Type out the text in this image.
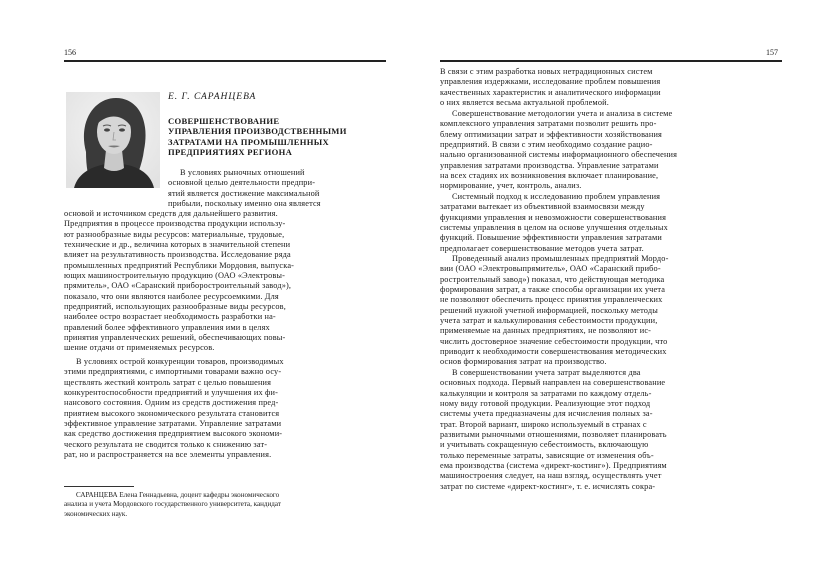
156
Е. Г. САРАНЦЕВА
СОВЕРШЕНСТВОВАНИЕ
УПРАВЛЕНИЯ ПРОИЗВОДСТВЕННЫМИ
ЗАТРАТАМИ НА ПРОМЫШЛЕННЫХ
ПРЕДПРИЯТИЯХ РЕГИОНА
В условиях рыночных отношений
основной целью деятельности предпри-
ятий является достижение максимальной
прибыли, поскольку именно она является
основой и источником средств для дальнейшего развития.
Предприятия в процессе производства продукции использу-
ют разнообразные виды ресурсов: материальные, трудовые,
технические и др., величина которых в значительной степени
влияет на результативность производства. Исследование ряда
промышленных предприятий Республики Мордовия, выпуска-
ющих машиностроительную продукцию (ОАО «Электровы-
прямитель», ОАО «Саранский приборостроительный завод»),
показало, что они являются наиболее ресурсоемкими. Для
предприятий, использующих разнообразные виды ресурсов,
наиболее остро возрастает необходимость разработки на-
правлений более эффективного управления ими в целях
принятия управленческих решений, обеспечивающих повы-
шение отдачи от применяемых ресурсов.
В условиях острой конкуренции товаров, производимых
этими предприятиями, с импортными товарами важно осу-
ществлять жесткий контроль затрат с целью повышения
конкурентоспособности предприятий и улучшения их фи-
нансового состояния. Одним из средств достижения пред-
приятием высокого экономического результата становится
эффективное управление затратами. Управление затратами
как средство достижения предприятием высокого экономи-
ческого результата не сводится только к снижению зат-
рат, но и распространяется на все элементы управления.
САРАНЦЕВА Елена Геннадьевна, доцент кафедры экономического
анализа и учета Мордовского государственного университета, кандидат
экономических наук.
157
В связи с этим разработка новых нетрадиционных систем
управления издержками, исследование проблем повышения
качественных характеристик и аналитического информации
о них является весьма актуальной проблемой.
Совершенствование методологии учета и анализа в системе
комплексного управления затратами позволит решить про-
блему оптимизации затрат и эффективности хозяйствования
предприятий. В связи с этим необходимо создание рацио-
нально организованной системы информационного обеспечения
управления затратами производства. Управление затратами
на всех стадиях их возникновения включает планирование,
нормирование, учет, контроль, анализ.
Системный подход к исследованию проблем управления
затратами вытекает из объективной взаимосвязи между
функциями управления и невозможности совершенствования
системы управления в целом на основе улучшения отдельных
функций. Повышение эффективности управления затратами
предполагает совершенствование методов учета затрат.
Проведенный анализ промышленных предприятий Мордо-
вии (ОАО «Электровыпрямитель», ОАО «Саранский прибо-
ростроительный завод») показал, что действующая методика
формирования затрат, а также способы организации их учета
не позволяют обеспечить процесс принятия управленческих
решений нужной учетной информацией, поскольку методы
учета затрат и калькулирования себестоимости продукции,
применяемые на данных предприятиях, не позволяют ис-
числить достоверное значение себестоимости продукции, что
приводит к необходимости совершенствования методических
основ формирования затрат на производство.
В совершенствовании учета затрат выделяются два
основных подхода. Первый направлен на совершенствование
калькуляции и контроля за затратами по каждому отдель-
ному виду готовой продукции. Реализующие этот подход
системы учета предназначены для исчисления полных за-
трат. Второй вариант, широко используемый в странах с
развитыми рыночными отношениями, позволяет планировать
и учитывать сокращенную себестоимость, включающую
только переменные затраты, зависящие от изменения объ-
ема производства (система «директ-костинг»). Предприятиям
машиностроения следует, на наш взгляд, осуществлять учет
затрат по системе «директ-костинг», т. е. исчислять сокра-
